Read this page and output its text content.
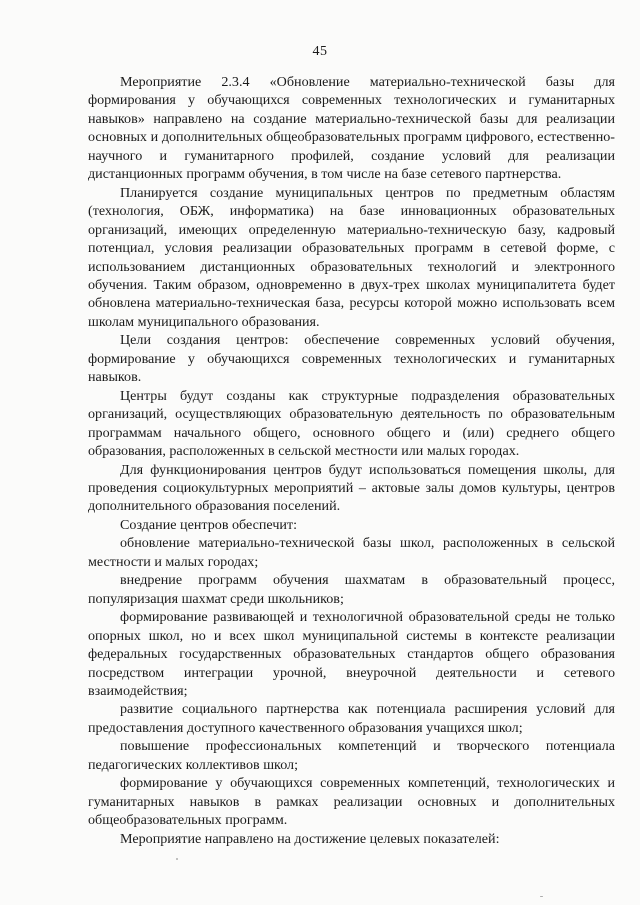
45

Мероприятие 2.3.4 «Обновление материально-технической базы для формирования у обучающихся современных технологических и гуманитарных навыков» направлено на создание материально-технической базы для реализации основных и дополнительных общеобразовательных программ цифрового, естественно-научного и гуманитарного профилей, создание условий для реализации дистанционных программ обучения, в том числе на базе сетевого партнерства.

Планируется создание муниципальных центров по предметным областям (технология, ОБЖ, информатика) на базе инновационных образовательных организаций, имеющих определенную материально-техническую базу, кадровый потенциал, условия реализации образовательных программ в сетевой форме, с использованием дистанционных образовательных технологий и электронного обучения. Таким образом, одновременно в двух-трех школах муниципалитета будет обновлена материально-техническая база, ресурсы которой можно использовать всем школам муниципального образования.

Цели создания центров: обеспечение современных условий обучения, формирование у обучающихся современных технологических и гуманитарных навыков.

Центры будут созданы как структурные подразделения образовательных организаций, осуществляющих образовательную деятельность по образовательным программам начального общего, основного общего и (или) среднего общего образования, расположенных в сельской местности или малых городах.

Для функционирования центров будут использоваться помещения школы, для проведения социокультурных мероприятий – актовые залы домов культуры, центров дополнительного образования поселений.

Создание центров обеспечит:

обновление материально-технической базы школ, расположенных в сельской местности и малых городах;

внедрение программ обучения шахматам в образовательный процесс, популяризация шахмат среди школьников;

формирование развивающей и технологичной образовательной среды не только опорных школ, но и всех школ муниципальной системы в контексте реализации федеральных государственных образовательных стандартов общего образования посредством интеграции урочной, внеурочной деятельности и сетевого взаимодействия;

развитие социального партнерства как потенциала расширения условий для предоставления доступного качественного образования учащихся школ;

повышение профессиональных компетенций и творческого потенциала педагогических коллективов школ;

формирование у обучающихся современных компетенций, технологических и гуманитарных навыков в рамках реализации основных и дополнительных общеобразовательных программ.

Мероприятие направлено на достижение целевых показателей:
